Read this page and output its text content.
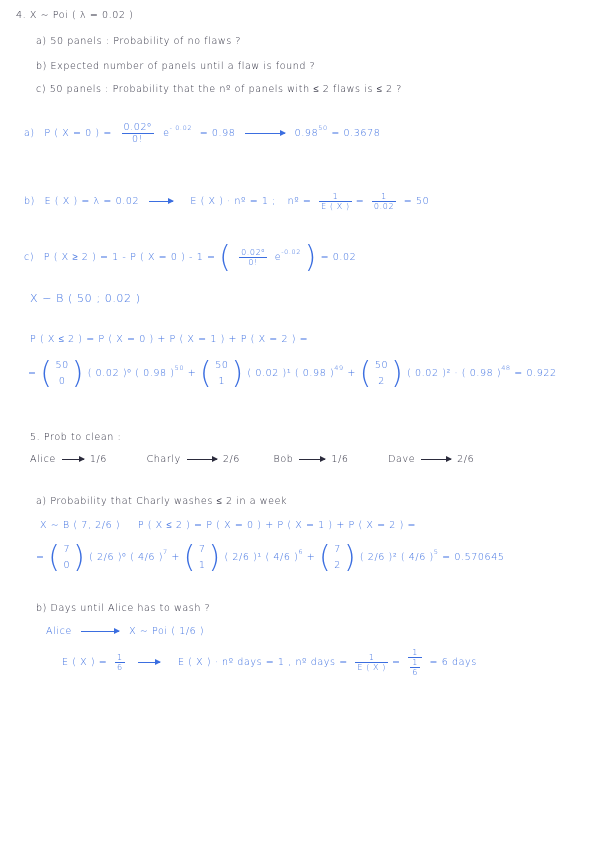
4. X ~ Poi ( λ = 0.02 )
a) 50 panels : Probability of no flaws ?
b) Expected number of panels until a flaw is found ?
c) 50 panels : Probability that the nº of panels with ≤ 2 flaws is ≤ 2 ?
a) P ( X = 0 ) = $\frac{\text{0.02⁰}}{0!} e^{- 0.02} = 0.98$	$0.98^{50} = 0.3678$
b) E ( X ) = λ = 0.02	E ( X ) · nº = 1 ; nº = $\frac{1}{E ( X )} = \frac{1}{0.02} = 50$
c) P ( X ≥ 2 ) = 1 - P ( X = 0 ) - 1 = ( $\frac{\text{0.02⁰}}{0!} e^{-0.02}$ ) = 0.02
X ~ B ( 50 ; 0.02 )
P ( X ≤ 2 ) = P ( X = 0 ) + P ( X = 1 ) + P ( X = 2 ) =
= ( 50
0 ) ( 0.02 )⁰ ( 0.98 )$^{50}$ + ( 50
1 ) ( 0.02 )¹ ( 0.98 )$^{49}$ + ( 50
2 ) ( 0.02 )² · ( 0.98 )$^{48}$ = 0.922
5. Prob to clean :
Alice	1/6	Charly	2/6	Bob	1/6	Dave	2/6
a) Probability that Charly washes ≤ 2 in a week
X ~ B ( 7, 2/6 ) P ( X ≤ 2 ) = P ( X = 0 ) + P ( X = 1 ) + P ( X = 2 ) =
= ( 7
0 ) ( 2/6 )⁰ ( 4/6 )$^7$ + ( 7
1 ) ( 2/6 )¹ ( 4/6 )$^6$ + ( 7
2 ) ( 2/6 )² ( 4/6 )$^5$ = 0.570645
b) Days until Alice has to wash ?
Alice	X ~ Poi ( 1/6 )
E ( X ) = $\frac{1}{6}$	E ( X ) · nº days = 1 , nº days = $\frac{1}{E ( X )} = \frac{1}{\frac{1}{6}} = 6$ days
